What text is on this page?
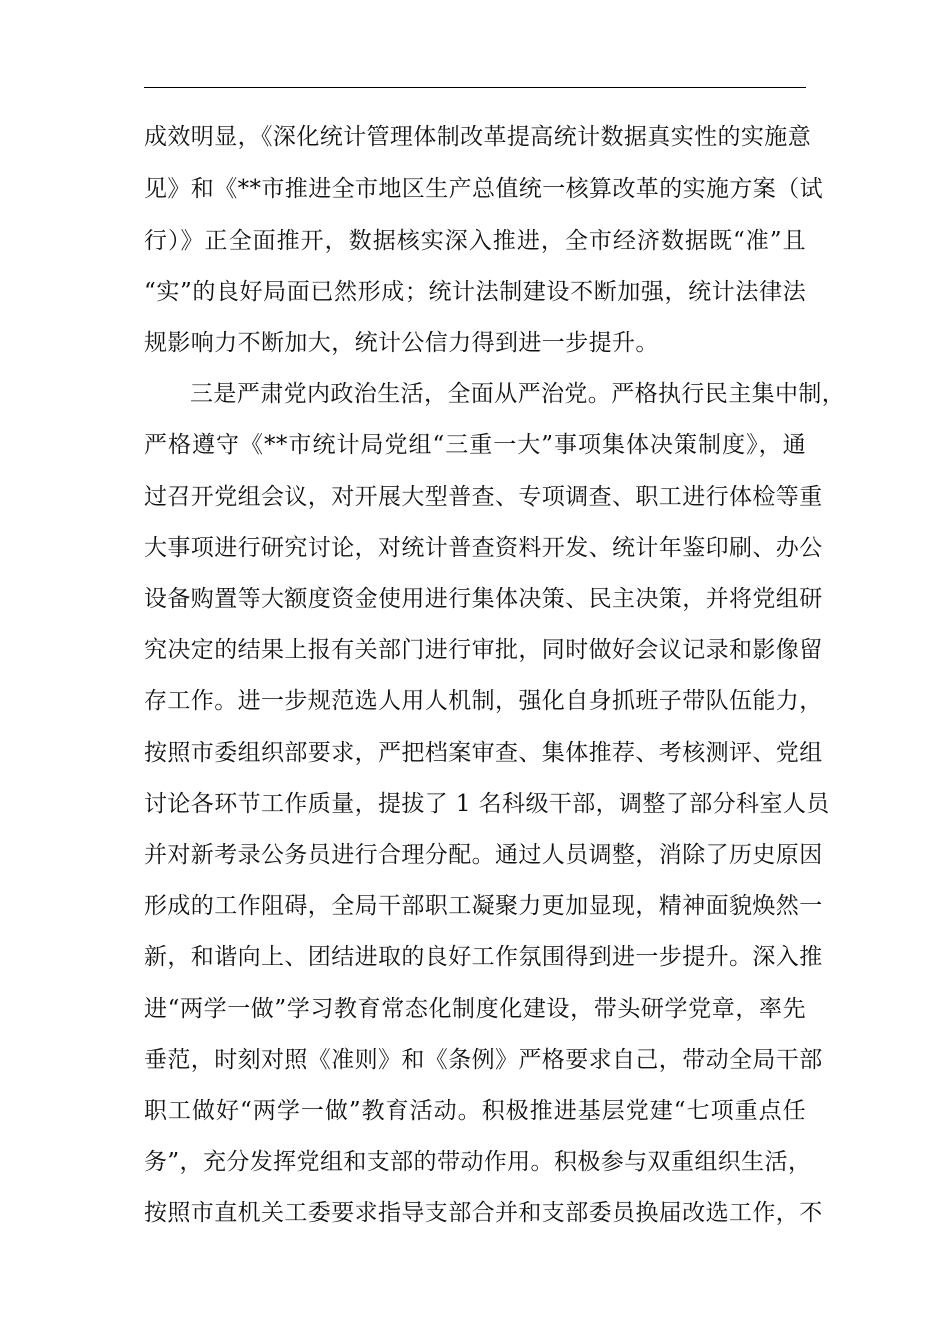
成效明显，《深化统计管理体制改革提高统计数据真实性的实施意
见》和《**市推进全市地区生产总值统一核算改革的实施方案（试
行）》正全面推开，数据核实深入推进，全市经济数据既“准”且
“实”的良好局面已然形成；统计法制建设不断加强，统计法律法
规影响力不断加大，统计公信力得到进一步提升。
三是严肃党内政治生活，全面从严治党。严格执行民主集中制，
严格遵守《**市统计局党组“三重一大”事项集体决策制度》，通
过召开党组会议，对开展大型普查、专项调查、职工进行体检等重
大事项进行研究讨论，对统计普查资料开发、统计年鉴印刷、办公
设备购置等大额度资金使用进行集体决策、民主决策，并将党组研
究决定的结果上报有关部门进行审批，同时做好会议记录和影像留
存工作。进一步规范选人用人机制，强化自身抓班子带队伍能力，
按照市委组织部要求，严把档案审查、集体推荐、考核测评、党组
讨论各环节工作质量，提拔了 1 名科级干部，调整了部分科室人员
并对新考录公务员进行合理分配。通过人员调整，消除了历史原因
形成的工作阻碍，全局干部职工凝聚力更加显现，精神面貌焕然一
新，和谐向上、团结进取的良好工作氛围得到进一步提升。深入推
进“两学一做”学习教育常态化制度化建设，带头研学党章，率先
垂范，时刻对照《准则》和《条例》严格要求自己，带动全局干部
职工做好“两学一做”教育活动。积极推进基层党建“七项重点任
务”，充分发挥党组和支部的带动作用。积极参与双重组织生活，
按照市直机关工委要求指导支部合并和支部委员换届改选工作，不
